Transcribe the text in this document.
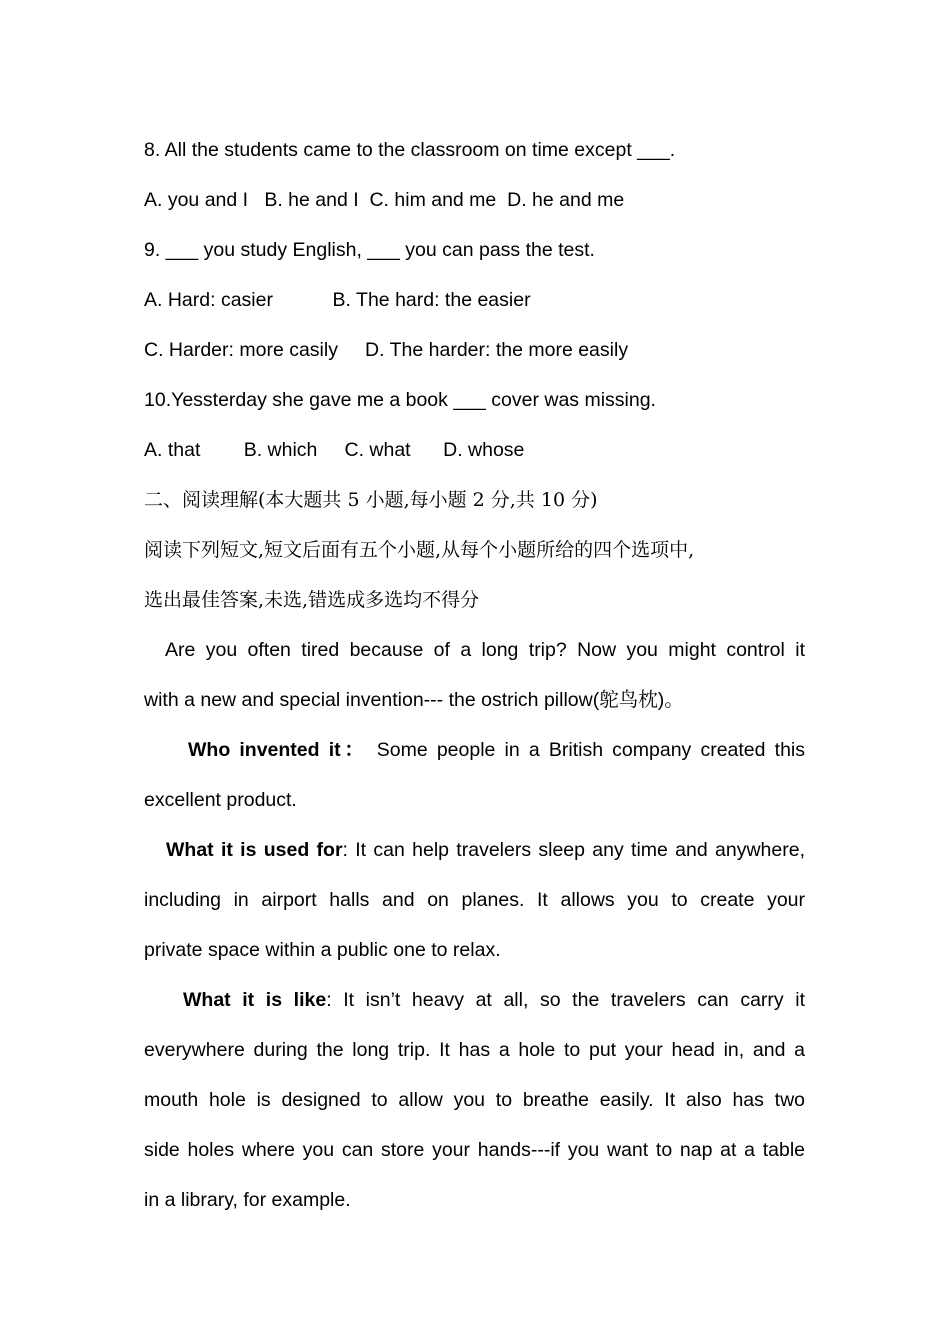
8. All the students came to the classroom on time except ___.
A. you and I   B. he and I  C. him and me  D. he and me
9. ___ you study English, ___ you can pass the test.
A. Hard: casier           B. The hard: the easier
C. Harder: more casily     D. The harder: the more easily
10.Yessterday she gave me a book ___ cover was missing.
A. that        B. which     C. what      D. whose
二、阅读理解(本大题共 5 小题,每小题 2 分,共 10 分)
阅读下列短文,短文后面有五个小题,从每个小题所给的四个选项中,
选出最佳答案,未选,错选成多选均不得分
Are you often tired because of a long trip? Now you might control it
with a new and special invention--- the ostrich pillow(鸵鸟枕)。
Who invented it： Some people in a British company created this
excellent product.
What it is used for: It can help travelers sleep any time and anywhere,
including in airport halls and on planes. It allows you to create your
private space within a public one to relax.
What it is like: It isn’t heavy at all, so the travelers can carry it
everywhere during the long trip. It has a hole to put your head in, and a
mouth hole is designed to allow you to breathe easily. It also has two
side holes where you can store your hands---if you want to nap at a table
in a library, for example.
